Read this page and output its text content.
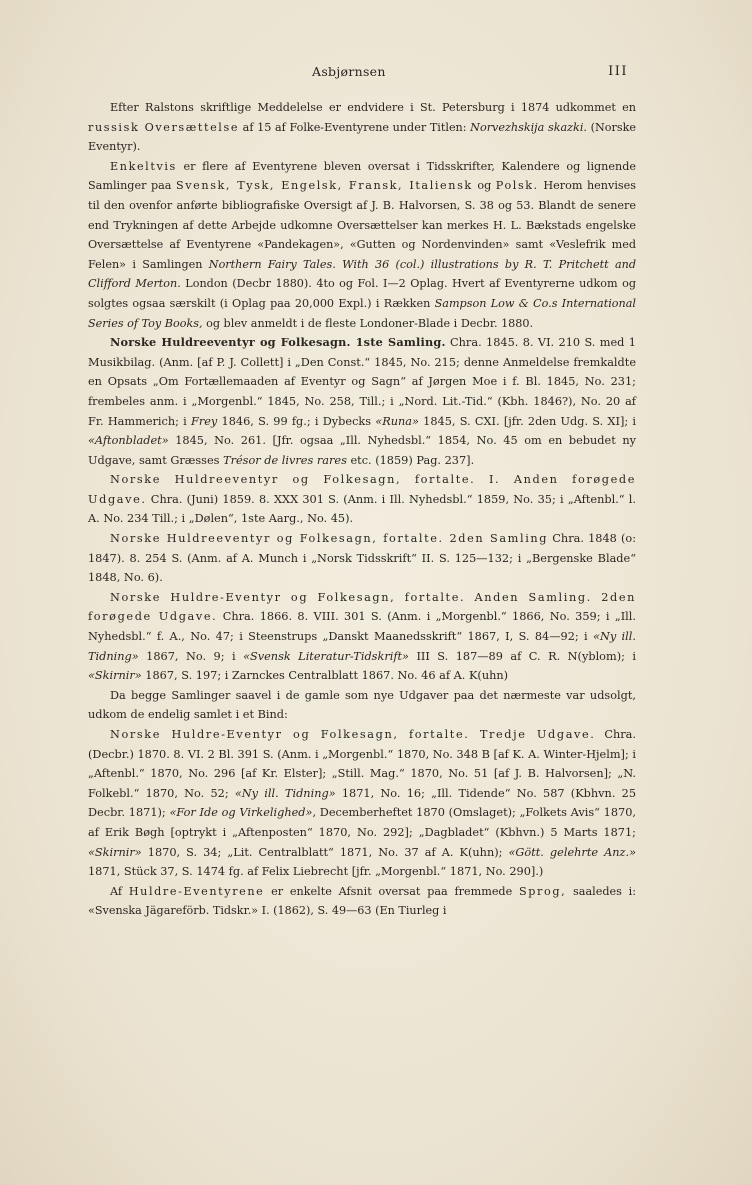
Asbjørnsen	III

Efter Ralstons skriftlige Meddelelse er endvidere i St. Petersburg i 1874 udkommet en russisk Oversættelse af 15 af Folke-Eventyrene under Titlen: Norvezhskija skazki. (Norske Eventyr).

Enkeltvis er flere af Eventyrene bleven oversat i Tidsskrifter, Kalendere og lignende Samlinger paa Svensk, Tysk, Engelsk, Fransk, Italiensk og Polsk. Herom henvises til den ovenfor anførte bibliografiske Oversigt af J. B. Halvorsen, S. 38 og 53. Blandt de senere end Trykningen af dette Arbejde udkomne Oversættelser kan merkes H. L. Bækstads engelske Oversættelse af Eventyrene «Pandekagen», «Gutten og Nordenvinden» samt «Veslefrik med Felen» i Samlingen Northern Fairy Tales. With 36 (col.) illustrations by R. T. Pritchett and Clifford Merton. London (Decbr 1880). 4to og Fol. I—2 Oplag. Hvert af Eventyrerne udkom og solgtes ogsaa særskilt (i Oplag paa 20,000 Expl.) i Rækken Sampson Low & Co.s International Series of Toy Books, og blev anmeldt i de fleste Londoner-Blade i Decbr. 1880.

Norske Huldreeventyr og Folkesagn. 1ste Samling. Chra. 1845. 8. VI. 210 S. med 1 Musikbilag. (Anm. [af P. J. Collett] i „Den Const.“ 1845, No. 215; denne Anmeldelse fremkaldte en Opsats „Om Fortællemaaden af Eventyr og Sagn“ af Jørgen Moe i f. Bl. 1845, No. 231; frembeles anm. i „Morgenbl.“ 1845, No. 258, Till.; i „Nord. Lit.-Tid.“ (Kbh. 1846?), No. 20 af Fr. Hammerich; i Frey 1846, S. 99 fg.; i Dybecks «Runa» 1845, S. CXI. [jfr. 2den Udg. S. XI]; i «Aftonbladet» 1845, No. 261. [Jfr. ogsaa „Ill. Nyhedsbl.“ 1854, No. 45 om en bebudet ny Udgave, samt Græsses Trésor de livres rares etc. (1859) Pag. 237].

Norske Huldreeventyr og Folkesagn, fortalte. I. Anden forøgede Udgave. Chra. (Juni) 1859. 8. XXX 301 S. (Anm. i Ill. Nyhedsbl.“ 1859, No. 35; i „Aftenbl.“ l. A. No. 234 Till.; i „Dølen“, 1ste Aarg., No. 45).

Norske Huldreeventyr og Folkesagn, fortalte. 2den Samling Chra. 1848 (o: 1847). 8. 254 S. (Anm. af A. Munch i „Norsk Tidsskrift“ II. S. 125—132; i „Bergenske Blade“ 1848, No. 6).

Norske Huldre-Eventyr og Folkesagn, fortalte. Anden Samling. 2den forøgede Udgave. Chra. 1866. 8. VIII. 301 S. (Anm. i „Morgenbl.“ 1866, No. 359; i „Ill. Nyhedsbl.“ f. A., No. 47; i Steenstrups „Danskt Maanedsskrift“ 1867, I, S. 84—92; i «Ny ill. Tidning» 1867, No. 9; i «Svensk Literatur-Tidskrift» III S. 187—89 af C. R. N(yblom); i «Skirnir» 1867, S. 197; i Zarnckes Centralblatt 1867. No. 46 af A. K(uhn)

Da begge Samlinger saavel i de gamle som nye Udgaver paa det nærmeste var udsolgt, udkom de endelig samlet i et Bind:

Norske Huldre-Eventyr og Folkesagn, fortalte. Tredje Udgave. Chra. (Decbr.) 1870. 8. VI. 2 Bl. 391 S. (Anm. i „Morgenbl.“ 1870, No. 348 B [af K. A. Winter-Hjelm]; i „Aftenbl.“ 1870, No. 296 [af Kr. Elster]; „Still. Mag.“ 1870, No. 51 [af J. B. Halvorsen]; „N. Folkebl.“ 1870, No. 52; «Ny ill. Tidning» 1871, No. 16; „Ill. Tidende“ No. 587 (Kbhvn. 25 Decbr. 1871); «For Ide og Virkelighed», Decemberheftet 1870 (Omslaget); „Folkets Avis“ 1870, af Erik Bøgh [optrykt i „Aftenposten“ 1870, No. 292]; „Dagbladet“ (Kbhvn.) 5 Marts 1871; «Skirnir» 1870, S. 34; „Lit. Centralblatt“ 1871, No. 37 af A. K(uhn); «Gött. gelehrte Anz.» 1871, Stück 37, S. 1474 fg. af Felix Liebrecht [jfr. „Morgenbl.“ 1871, No. 290].)

Af Huldre-Eventyrene er enkelte Afsnit oversat paa fremmede Sprog, saaledes i: «Svenska Jägareförb. Tidskr.» I. (1862), S. 49—63 (En Tiurleg i
